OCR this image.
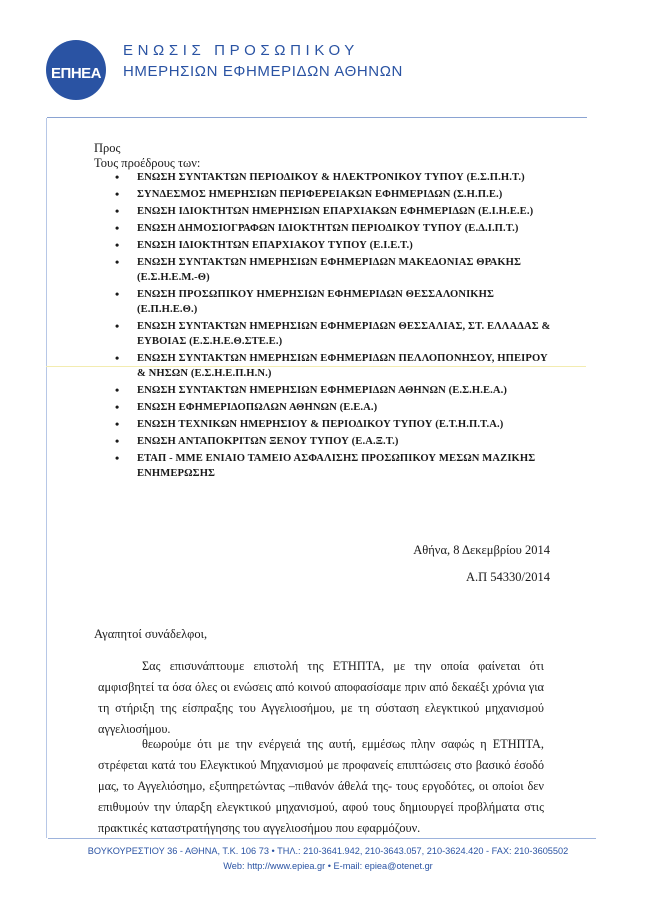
ΕΠΗΕΑ
ΕΝΩΣΙΣ ΠΡΟΣΩΠΙΚΟΥ
ΗΜΕΡΗΣΙΩΝ ΕΦΗΜΕΡΙΔΩΝ ΑΘΗΝΩΝ
Προς
Τους προέδρους των:
• ΕΝΩΣΗ ΣΥΝΤΑΚΤΩΝ ΠΕΡΙΟΔΙΚΟΥ & ΗΛΕΚΤΡΟΝΙΚΟΥ ΤΥΠΟΥ (Ε.Σ.Π.Η.Τ.)
• ΣΥΝΔΕΣΜΟΣ ΗΜΕΡΗΣΙΩΝ ΠΕΡΙΦΕΡΕΙΑΚΩΝ ΕΦΗΜΕΡΙΔΩΝ (Σ.Η.Π.Ε.)
• ΕΝΩΣΗ ΙΔΙΟΚΤΗΤΩΝ ΗΜΕΡΗΣΙΩΝ ΕΠΑΡΧΙΑΚΩΝ ΕΦΗΜΕΡΙΔΩΝ (Ε.Ι.Η.Ε.Ε.)
• ΕΝΩΣΗ ΔΗΜΟΣΙΟΓΡΑΦΩΝ ΙΔΙΟΚΤΗΤΩΝ ΠΕΡΙΟΔΙΚΟΥ ΤΥΠΟΥ (Ε.Δ.Ι.Π.Τ.)
• ΕΝΩΣΗ ΙΔΙΟΚΤΗΤΩΝ ΕΠΑΡΧΙΑΚΟΥ ΤΥΠΟΥ (Ε.Ι.Ε.Τ.)
• ΕΝΩΣΗ ΣΥΝΤΑΚΤΩΝ ΗΜΕΡΗΣΙΩΝ ΕΦΗΜΕΡΙΔΩΝ ΜΑΚΕΔΟΝΙΑΣ ΘΡΑΚΗΣ (Ε.Σ.Η.Ε.Μ.-Θ)
• ΕΝΩΣΗ ΠΡΟΣΩΠΙΚΟΥ ΗΜΕΡΗΣΙΩΝ ΕΦΗΜΕΡΙΔΩΝ ΘΕΣΣΑΛΟΝΙΚΗΣ (Ε.Π.Η.Ε.Θ.)
• ΕΝΩΣΗ ΣΥΝΤΑΚΤΩΝ ΗΜΕΡΗΣΙΩΝ ΕΦΗΜΕΡΙΔΩΝ ΘΕΣΣΑΛΙΑΣ, ΣΤ. ΕΛΛΑΔΑΣ & ΕΥΒΟΙΑΣ (Ε.Σ.Η.Ε.Θ.ΣΤΕ.Ε.)
• ΕΝΩΣΗ ΣΥΝΤΑΚΤΩΝ ΗΜΕΡΗΣΙΩΝ ΕΦΗΜΕΡΙΔΩΝ ΠΕΛΛΟΠΟΝΗΣΟΥ, ΗΠΕΙΡΟΥ & ΝΗΣΩΝ (Ε.Σ.Η.Ε.Π.Η.Ν.)
• ΕΝΩΣΗ ΣΥΝΤΑΚΤΩΝ ΗΜΕΡΗΣΙΩΝ ΕΦΗΜΕΡΙΔΩΝ ΑΘΗΝΩΝ (Ε.Σ.Η.Ε.Α.)
• ΕΝΩΣΗ ΕΦΗΜΕΡΙΔΟΠΩΛΩΝ ΑΘΗΝΩΝ (Ε.Ε.Α.)
• ΕΝΩΣΗ ΤΕΧΝΙΚΩΝ ΗΜΕΡΗΣΙΟΥ & ΠΕΡΙΟΔΙΚΟΥ ΤΥΠΟΥ (Ε.Τ.Η.Π.Τ.Α.)
• ΕΝΩΣΗ ΑΝΤΑΠΟΚΡΙΤΩΝ ΞΕΝΟΥ ΤΥΠΟΥ (Ε.Α.Ξ.Τ.)
• ΕΤΑΠ - ΜΜΕ ΕΝΙΑΙΟ ΤΑΜΕΙΟ ΑΣΦΑΛΙΣΗΣ ΠΡΟΣΩΠΙΚΟΥ ΜΕΣΩΝ ΜΑΖΙΚΗΣ ΕΝΗΜΕΡΩΣΗΣ
Αθήνα, 8 Δεκεμβρίου 2014
Α.Π 54330/2014
Αγαπητοί συνάδελφοι,

Σας επισυνάπτουμε επιστολή της ΕΤΗΠΤΑ, με την οποία φαίνεται ότι αμφισβητεί τα όσα όλες οι ενώσεις από κοινού αποφασίσαμε πριν από δεκαέξι χρόνια για τη στήριξη της είσπραξης του Αγγελιοσήμου, με τη σύσταση ελεγκτικού μηχανισμού αγγελιοσήμου.

θεωρούμε ότι με την ενέργειά της αυτή, εμμέσως πλην σαφώς η ΕΤΗΠΤΑ, στρέφεται κατά του Ελεγκτικού Μηχανισμού με προφανείς επιπτώσεις στο βασικό έσοδό μας, το Αγγελιόσημο, εξυπηρετώντας –πιθανόν άθελά της- τους εργοδότες, οι οποίοι δεν επιθυμούν την ύπαρξη ελεγκτικού μηχανισμού, αφού τους δημιουργεί προβλήματα στις πρακτικές καταστρατήγησης του αγγελιοσήμου που εφαρμόζουν.

ΒΟΥΚΟΥΡΕΣΤΙΟΥ 36 - ΑΘΗΝΑ, Τ.Κ. 106 73 • ΤΗΛ.: 210-3641.942, 210-3643.057, 210-3624.420 - FAX: 210-3605502
Web: http://www.epiea.gr • E-mail: epiea@otenet.gr
